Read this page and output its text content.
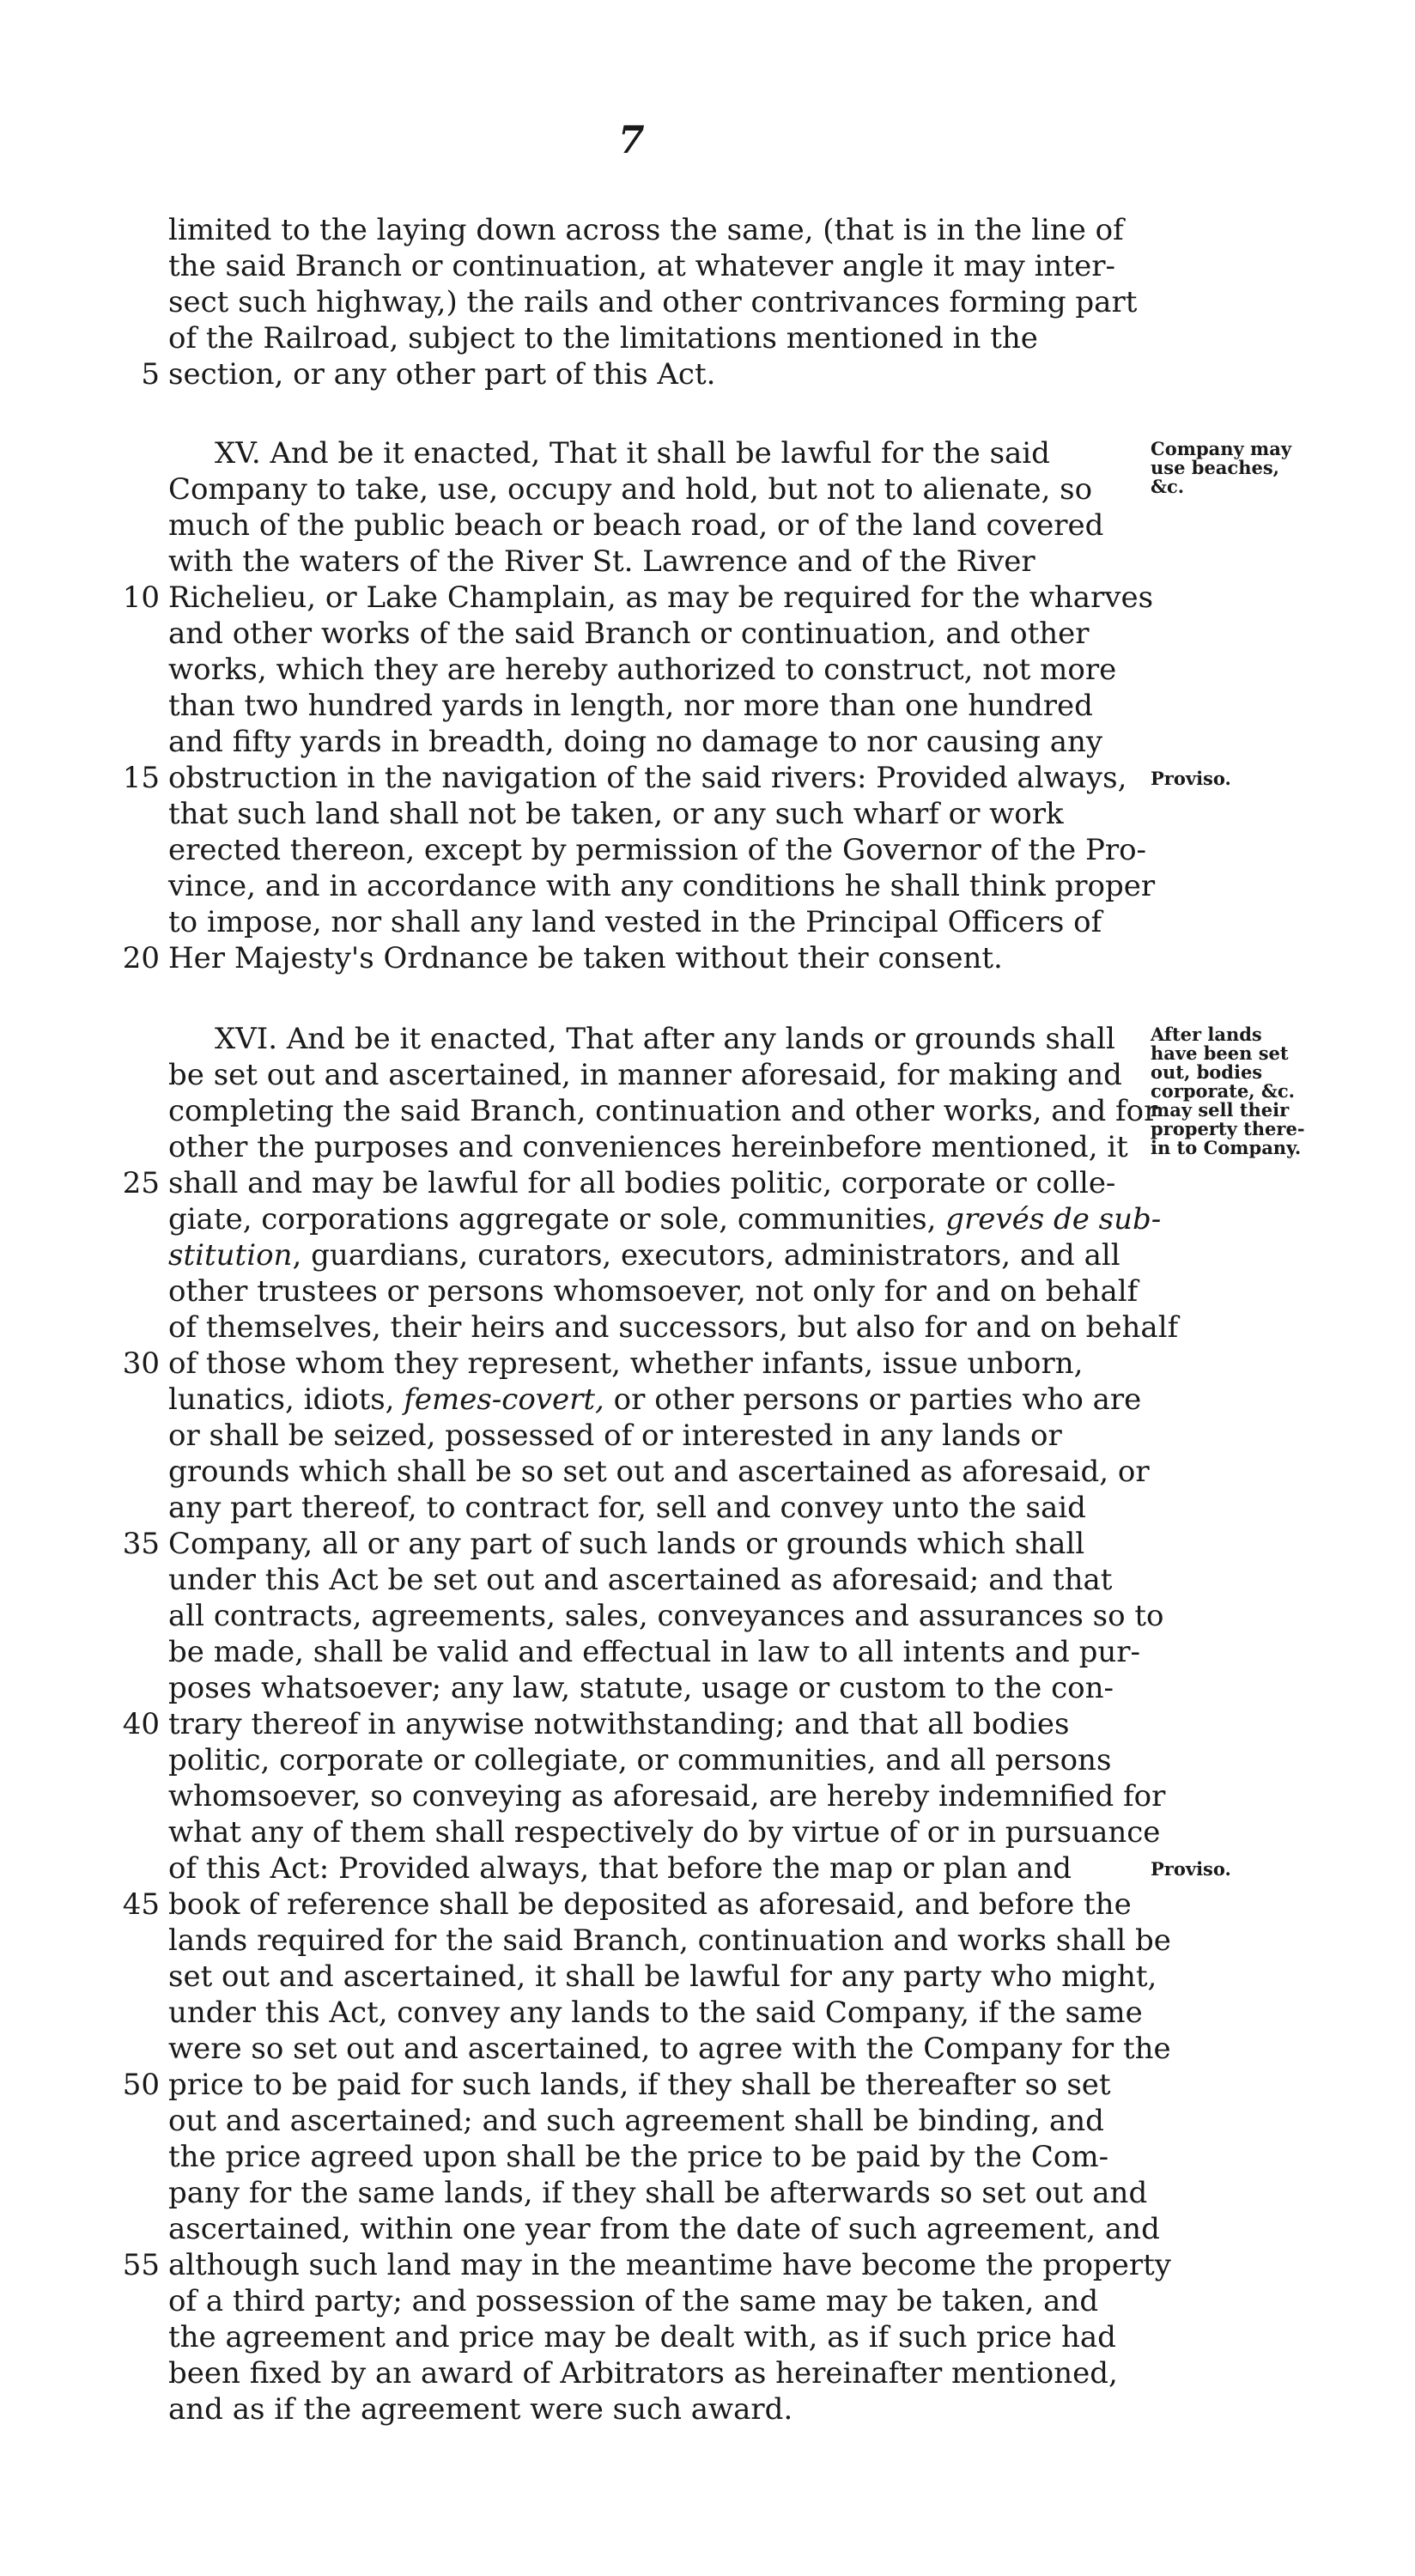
7
limited to the laying down across the same, (that is in the line of
the said Branch or continuation, at whatever angle it may inter-
sect such highway,) the rails and other contrivances forming part
of the Railroad, subject to the limitations mentioned in the
section, or any other part of this Act.
5
XV. And be it enacted, That it shall be lawful for the said
Company to take, use, occupy and hold, but not to alienate, so
much of the public beach or beach road, or of the land covered
with the waters of the River St. Lawrence and of the River
Richelieu, or Lake Champlain, as may be required for the wharves
10
and other works of the said Branch or continuation, and other
works, which they are hereby authorized to construct, not more
than two hundred yards in length, nor more than one hundred
and fifty yards in breadth, doing no damage to nor causing any
obstruction in the navigation of the said rivers: Provided always,
15
that such land shall not be taken, or any such wharf or work
erected thereon, except by permission of the Governor of the Pro-
vince, and in accordance with any conditions he shall think proper
to impose, nor shall any land vested in the Principal Officers of
Her Majesty's Ordnance be taken without their consent.
20
XVI. And be it enacted, That after any lands or grounds shall
be set out and ascertained, in manner aforesaid, for making and
completing the said Branch, continuation and other works, and for
other the purposes and conveniences hereinbefore mentioned, it
shall and may be lawful for all bodies politic, corporate or colle-
25
giate, corporations aggregate or sole, communities, grevés de sub-
stitution, guardians, curators, executors, administrators, and all
other trustees or persons whomsoever, not only for and on behalf
of themselves, their heirs and successors, but also for and on behalf
of those whom they represent, whether infants, issue unborn,
30
lunatics, idiots, femes-covert, or other persons or parties who are
or shall be seized, possessed of or interested in any lands or
grounds which shall be so set out and ascertained as aforesaid, or
any part thereof, to contract for, sell and convey unto the said
Company, all or any part of such lands or grounds which shall
35
under this Act be set out and ascertained as aforesaid; and that
all contracts, agreements, sales, conveyances and assurances so to
be made, shall be valid and effectual in law to all intents and pur-
poses whatsoever; any law, statute, usage or custom to the con-
trary thereof in anywise notwithstanding; and that all bodies
40
politic, corporate or collegiate, or communities, and all persons
whomsoever, so conveying as aforesaid, are hereby indemnified for
what any of them shall respectively do by virtue of or in pursuance
of this Act: Provided always, that before the map or plan and
book of reference shall be deposited as aforesaid, and before the
45
lands required for the said Branch, continuation and works shall be
set out and ascertained, it shall be lawful for any party who might,
under this Act, convey any lands to the said Company, if the same
were so set out and ascertained, to agree with the Company for the
price to be paid for such lands, if they shall be thereafter so set
50
out and ascertained; and such agreement shall be binding, and
the price agreed upon shall be the price to be paid by the Com-
pany for the same lands, if they shall be afterwards so set out and
ascertained, within one year from the date of such agreement, and
although such land may in the meantime have become the property
55
of a third party; and possession of the same may be taken, and
the agreement and price may be dealt with, as if such price had
been fixed by an award of Arbitrators as hereinafter mentioned,
and as if the agreement were such award.
Company may
use beaches,
&c.
Proviso.
After lands
have been set
out, bodies
corporate, &c.
may sell their
property there-
in to Company.
Proviso.
